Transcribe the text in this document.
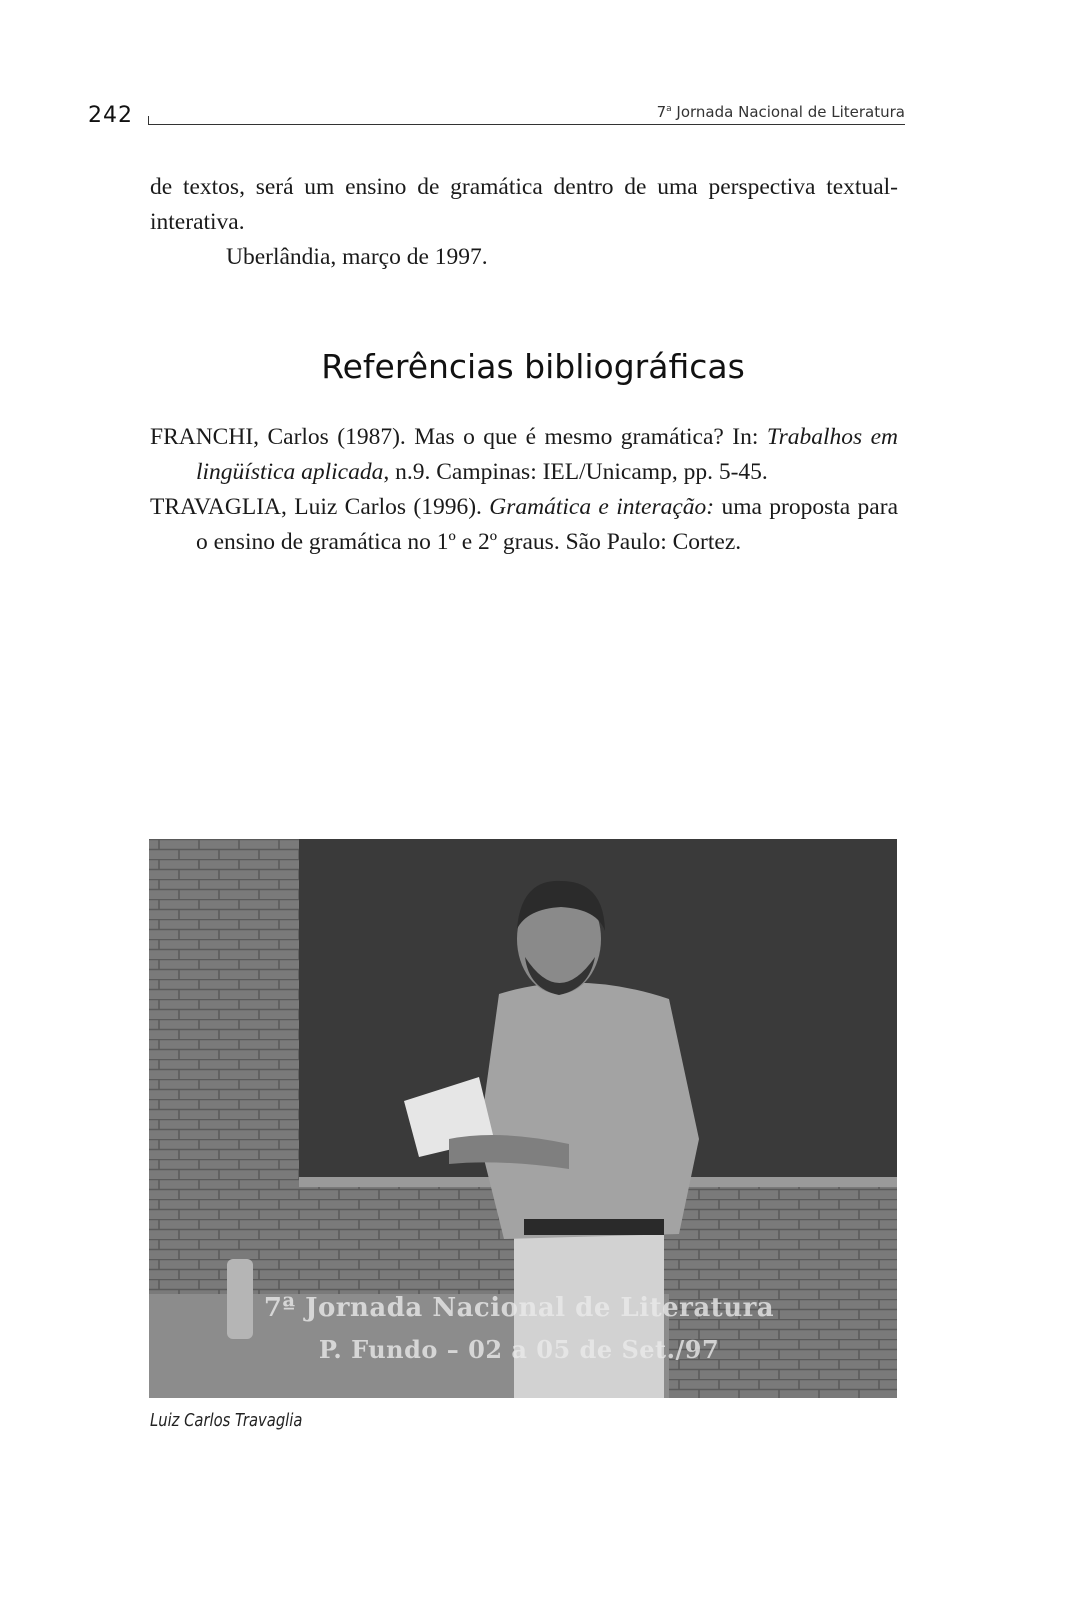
242	7$^a$ Jornada Nacional de Literatura

de textos, será um ensino de gramática dentro de uma perspectiva textual-interativa.

Uberlândia, março de 1997.

Referências bibliográficas

FRANCHI, Carlos (1987). Mas o que é mesmo gramática? In: Trabalhos em lingüística aplicada, n.9. Campinas: IEL/Unicamp, pp. 5-45.

TRAVAGLIA, Luiz Carlos (1996). Gramática e interação: uma proposta para o ensino de gramática no 1º e 2º graus. São Paulo: Cortez.

7ª Jornada Nacional de Literatura
P. Fundo – 02 a 05 de Set./97
Luiz Carlos Travaglia
